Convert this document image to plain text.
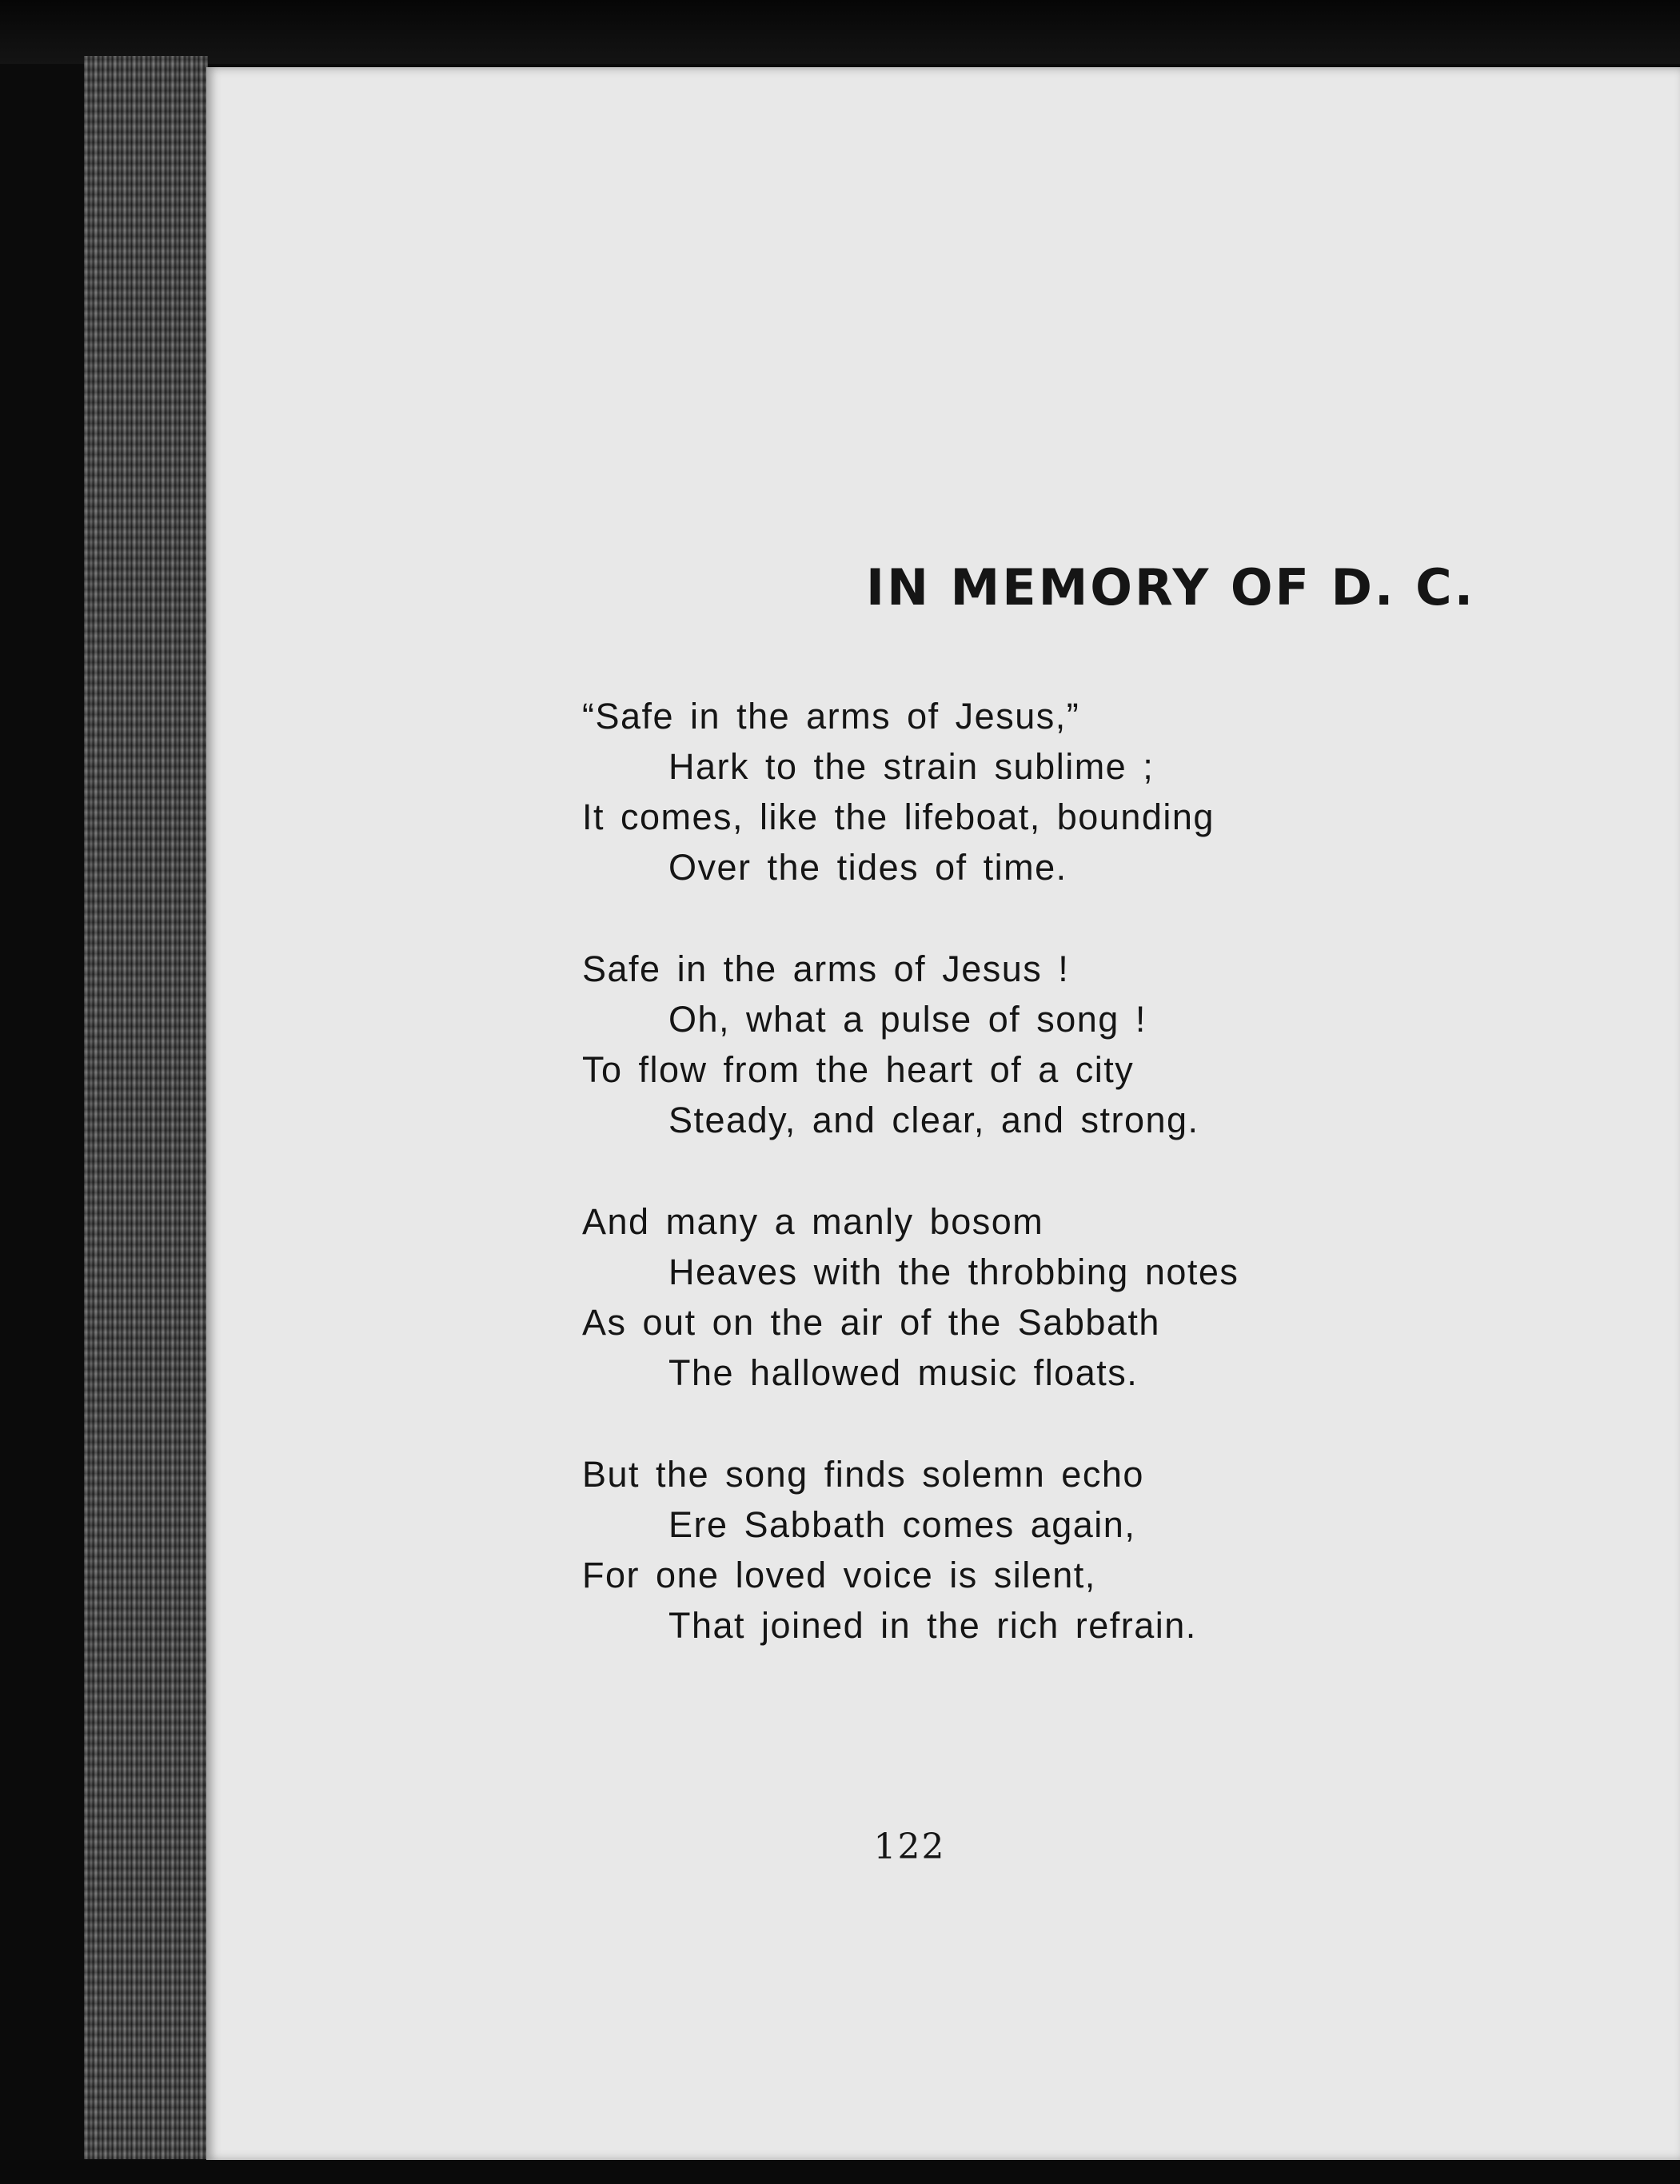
IN MEMORY OF D. C.
“Safe in the arms of Jesus,”
Hark to the strain sublime ;
It comes, like the lifeboat, bounding
Over the tides of time.
Safe in the arms of Jesus !
Oh, what a pulse of song !
To flow from the heart of a city
Steady, and clear, and strong.
And many a manly bosom
Heaves with the throbbing notes
As out on the air of the Sabbath
The hallowed music floats.
But the song finds solemn echo
Ere Sabbath comes again,
For one loved voice is silent,
That joined in the rich refrain.
122
